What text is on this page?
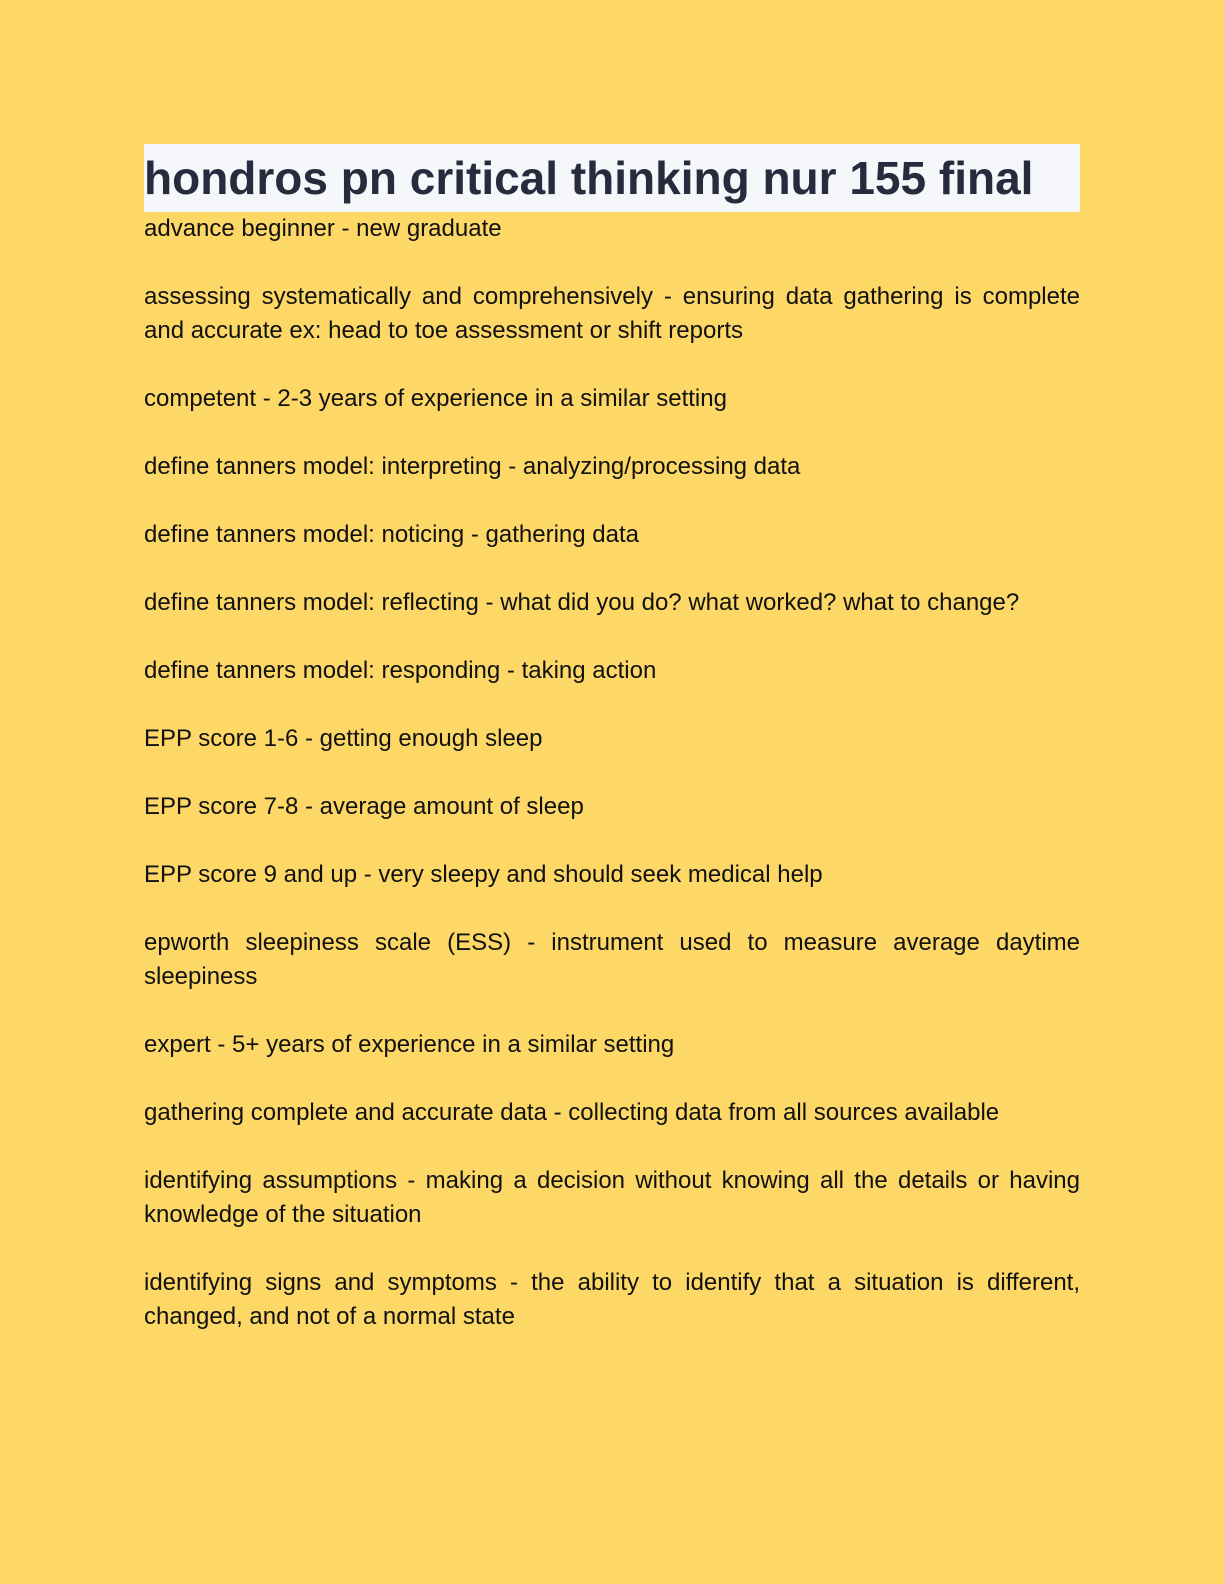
hondros pn critical thinking nur 155 final

advance beginner - new graduate

assessing systematically and comprehensively - ensuring data gathering is complete and accurate ex: head to toe assessment or shift reports

competent - 2-3 years of experience in a similar setting

define tanners model: interpreting - analyzing/processing data

define tanners model: noticing - gathering data

define tanners model: reflecting - what did you do? what worked? what to change?

define tanners model: responding - taking action

EPP score 1-6 - getting enough sleep

EPP score 7-8 - average amount of sleep

EPP score 9 and up - very sleepy and should seek medical help

epworth sleepiness scale (ESS) - instrument used to measure average daytime sleepiness

expert - 5+ years of experience in a similar setting

gathering complete and accurate data - collecting data from all sources available

identifying assumptions - making a decision without knowing all the details or having knowledge of the situation

identifying signs and symptoms - the ability to identify that a situation is different, changed, and not of a normal state
